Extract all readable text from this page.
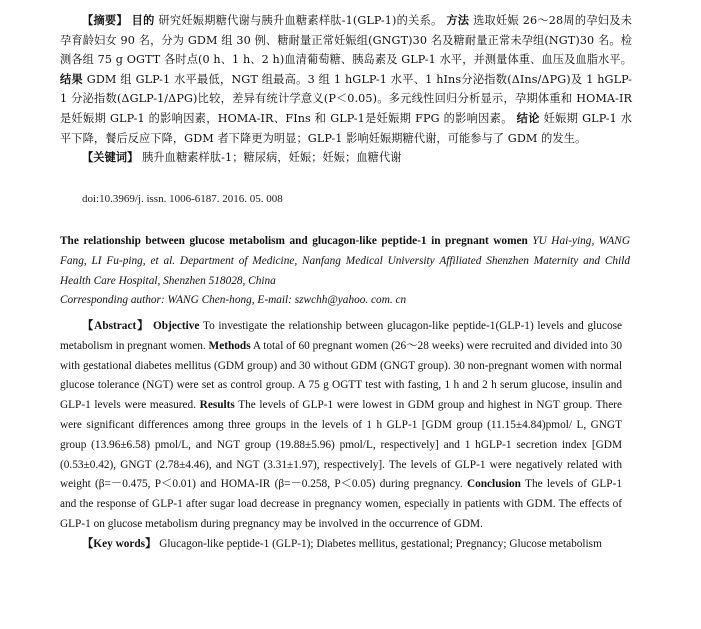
【摘要】 目的 研究妊娠期糖代谢与胰升血糖素样肽-1(GLP-1)的关系。 方法 选取妊娠 26～28周的孕妇及未孕育龄妇女 90 名，分为 GDM 组 30 例、糖耐量正常妊娠组(GNGT)30 名及糖耐量正常未孕组(NGT)30 名。检测各组 75 g OGTT 各时点(0 h、1 h、2 h)血清葡萄糖、胰岛素及 GLP-1 水平，并测量体重、血压及血脂水平。 结果 GDM 组 GLP-1 水平最低，NGT 组最高。3 组 1 hGLP-1 水平、1 hIns分泌指数(ΔIns/ΔPG)及 1 hGLP-1 分泌指数(ΔGLP-1/ΔPG)比较，差异有统计学意义(P＜0.05)。多元线性回归分析显示，孕期体重和 HOMA-IR 是妊娠期 GLP-1 的影响因素，HOMA-IR、FIns 和 GLP-1是妊娠期 FPG 的影响因素。 结论 妊娠期 GLP-1 水平下降，餐后反应下降，GDM 者下降更为明显；GLP-1 影响妊娠期糖代谢，可能参与了 GDM 的发生。

【关键词】 胰升血糖素样肽-1；糖尿病，妊娠；妊娠；血糖代谢

doi:10.3969/j. issn. 1006-6187. 2016. 05. 008

The relationship between glucose metabolism and glucagon-like peptide-1 in pregnant women YU Hai-ying, WANG Fang, LI Fu-ping, et al. Department of Medicine, Nanfang Medical University Affiliated Shenzhen Maternity and Child Health Care Hospital, Shenzhen 518028, China

Corresponding author: WANG Chen-hong, E-mail: szwchh@yahoo. com. cn

【Abstract】 Objective To investigate the relationship between glucagon-like peptide-1(GLP-1) levels and glucose metabolism in pregnant women. Methods A total of 60 pregnant women (26～28 weeks) were recruited and divided into 30 with gestational diabetes mellitus (GDM group) and 30 without GDM (GNGT group). 30 non-pregnant women with normal glucose tolerance (NGT) were set as control group. A 75 g OGTT test with fasting, 1 h and 2 h serum glucose, insulin and GLP-1 levels were measured. Results The levels of GLP-1 were lowest in GDM group and highest in NGT group. There were significant differences among three groups in the levels of 1 h GLP-1 [GDM group (11.15±4.84)pmol/ L, GNGT group (13.96±6.58) pmol/L, and NGT group (19.88±5.96) pmol/L, respectively] and 1 hGLP-1 secretion index [GDM (0.53±0.42), GNGT (2.78±4.46), and NGT (3.31±1.97), respectively]. The levels of GLP-1 were negatively related with weight (β=－0.475, P＜0.01) and HOMA-IR (β=－0.258, P＜0.05) during pregnancy. Conclusion The levels of GLP-1 and the response of GLP-1 after sugar load decrease in pregnancy women, especially in patients with GDM. The effects of GLP-1 on glucose metabolism during pregnancy may be involved in the occurrence of GDM.

【Key words】 Glucagon-like peptide-1 (GLP-1); Diabetes mellitus, gestational; Pregnancy; Glucose metabolism
